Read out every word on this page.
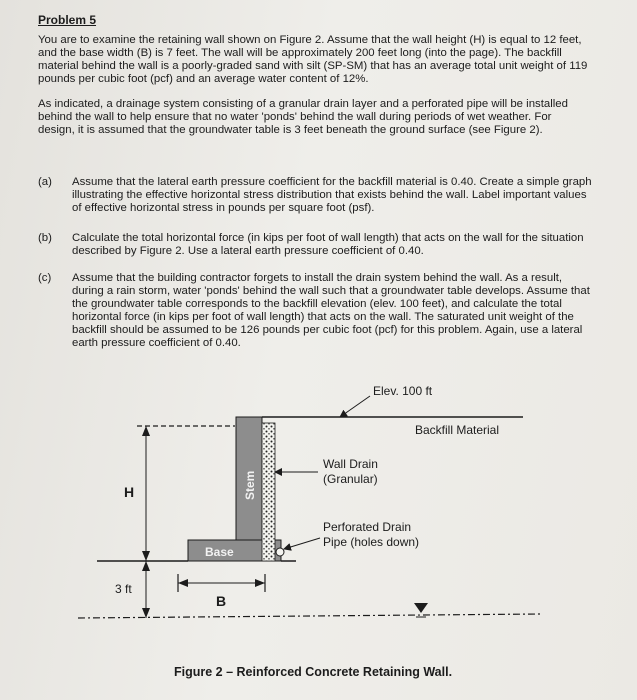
Problem 5
You are to examine the retaining wall shown on Figure 2. Assume that the wall height (H) is equal to 12 feet, and the base width (B) is 7 feet. The wall will be approximately 200 feet long (into the page). The backfill material behind the wall is a poorly-graded sand with silt (SP-SM) that has an average total unit weight of 119 pounds per cubic foot (pcf) and an average water content of 12%.
As indicated, a drainage system consisting of a granular drain layer and a perforated pipe will be installed behind the wall to help ensure that no water 'ponds' behind the wall during periods of wet weather. For design, it is assumed that the groundwater table is 3 feet beneath the ground surface (see Figure 2).
(a) Assume that the lateral earth pressure coefficient for the backfill material is 0.40. Create a simple graph illustrating the effective horizontal stress distribution that exists behind the wall. Label important values of effective horizontal stress in pounds per square foot (psf).
(b) Calculate the total horizontal force (in kips per foot of wall length) that acts on the wall for the situation described by Figure 2. Use a lateral earth pressure coefficient of 0.40.
(c) Assume that the building contractor forgets to install the drain system behind the wall. As a result, during a rain storm, water 'ponds' behind the wall such that a groundwater table develops. Assume that the groundwater table corresponds to the backfill elevation (elev. 100 feet), and calculate the total horizontal force (in kips per foot of wall length) that acts on the wall. The saturated unit weight of the backfill should be assumed to be 126 pounds per cubic foot (pcf) for this problem. Again, use a lateral earth pressure coefficient of 0.40.
Elev. 100 ft
Backfill Material
Wall Drain
(Granular)
Perforated Drain
Pipe (holes down)
Stem
Base
H
3 ft
B
Figure 2 – Reinforced Concrete Retaining Wall.
